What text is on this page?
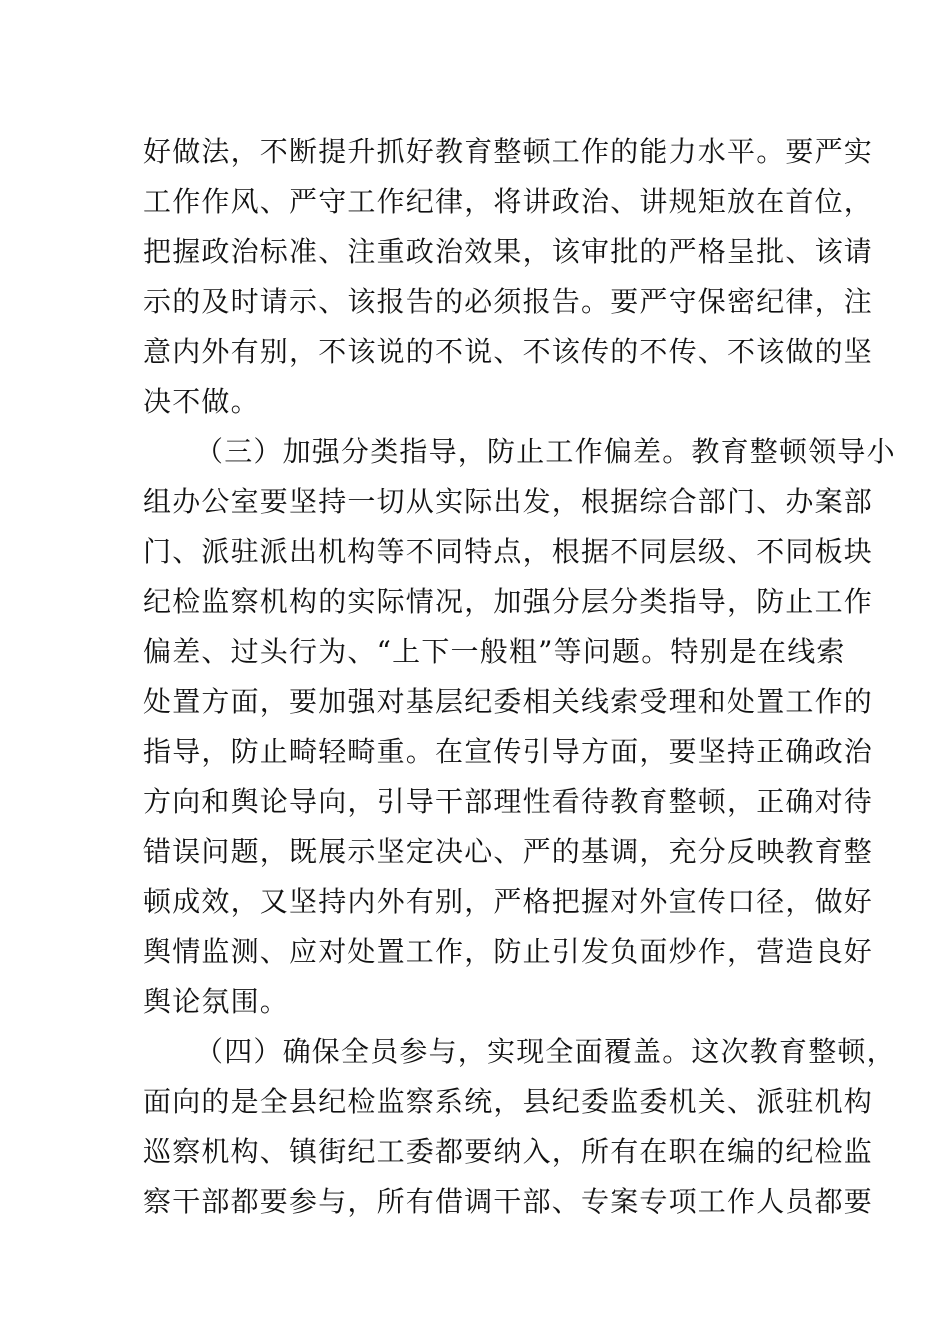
好做法，不断提升抓好教育整顿工作的能力水平。要严实
工作作风、严守工作纪律，将讲政治、讲规矩放在首位，
把握政治标准、注重政治效果，该审批的严格呈批、该请
示的及时请示、该报告的必须报告。要严守保密纪律，注
意内外有别，不该说的不说、不该传的不传、不该做的坚
决不做。
（三）加强分类指导，防止工作偏差。教育整顿领导小
组办公室要坚持一切从实际出发，根据综合部门、办案部
门、派驻派出机构等不同特点，根据不同层级、不同板块
纪检监察机构的实际情况，加强分层分类指导，防止工作
偏差、过头行为、“上下一般粗”等问题。特别是在线索
处置方面，要加强对基层纪委相关线索受理和处置工作的
指导，防止畸轻畸重。在宣传引导方面，要坚持正确政治
方向和舆论导向，引导干部理性看待教育整顿，正确对待
错误问题，既展示坚定决心、严的基调，充分反映教育整
顿成效，又坚持内外有别，严格把握对外宣传口径，做好
舆情监测、应对处置工作，防止引发负面炒作，营造良好
舆论氛围。
（四）确保全员参与，实现全面覆盖。这次教育整顿，
面向的是全县纪检监察系统，县纪委监委机关、派驻机构
巡察机构、镇街纪工委都要纳入，所有在职在编的纪检监
察干部都要参与，所有借调干部、专案专项工作人员都要
